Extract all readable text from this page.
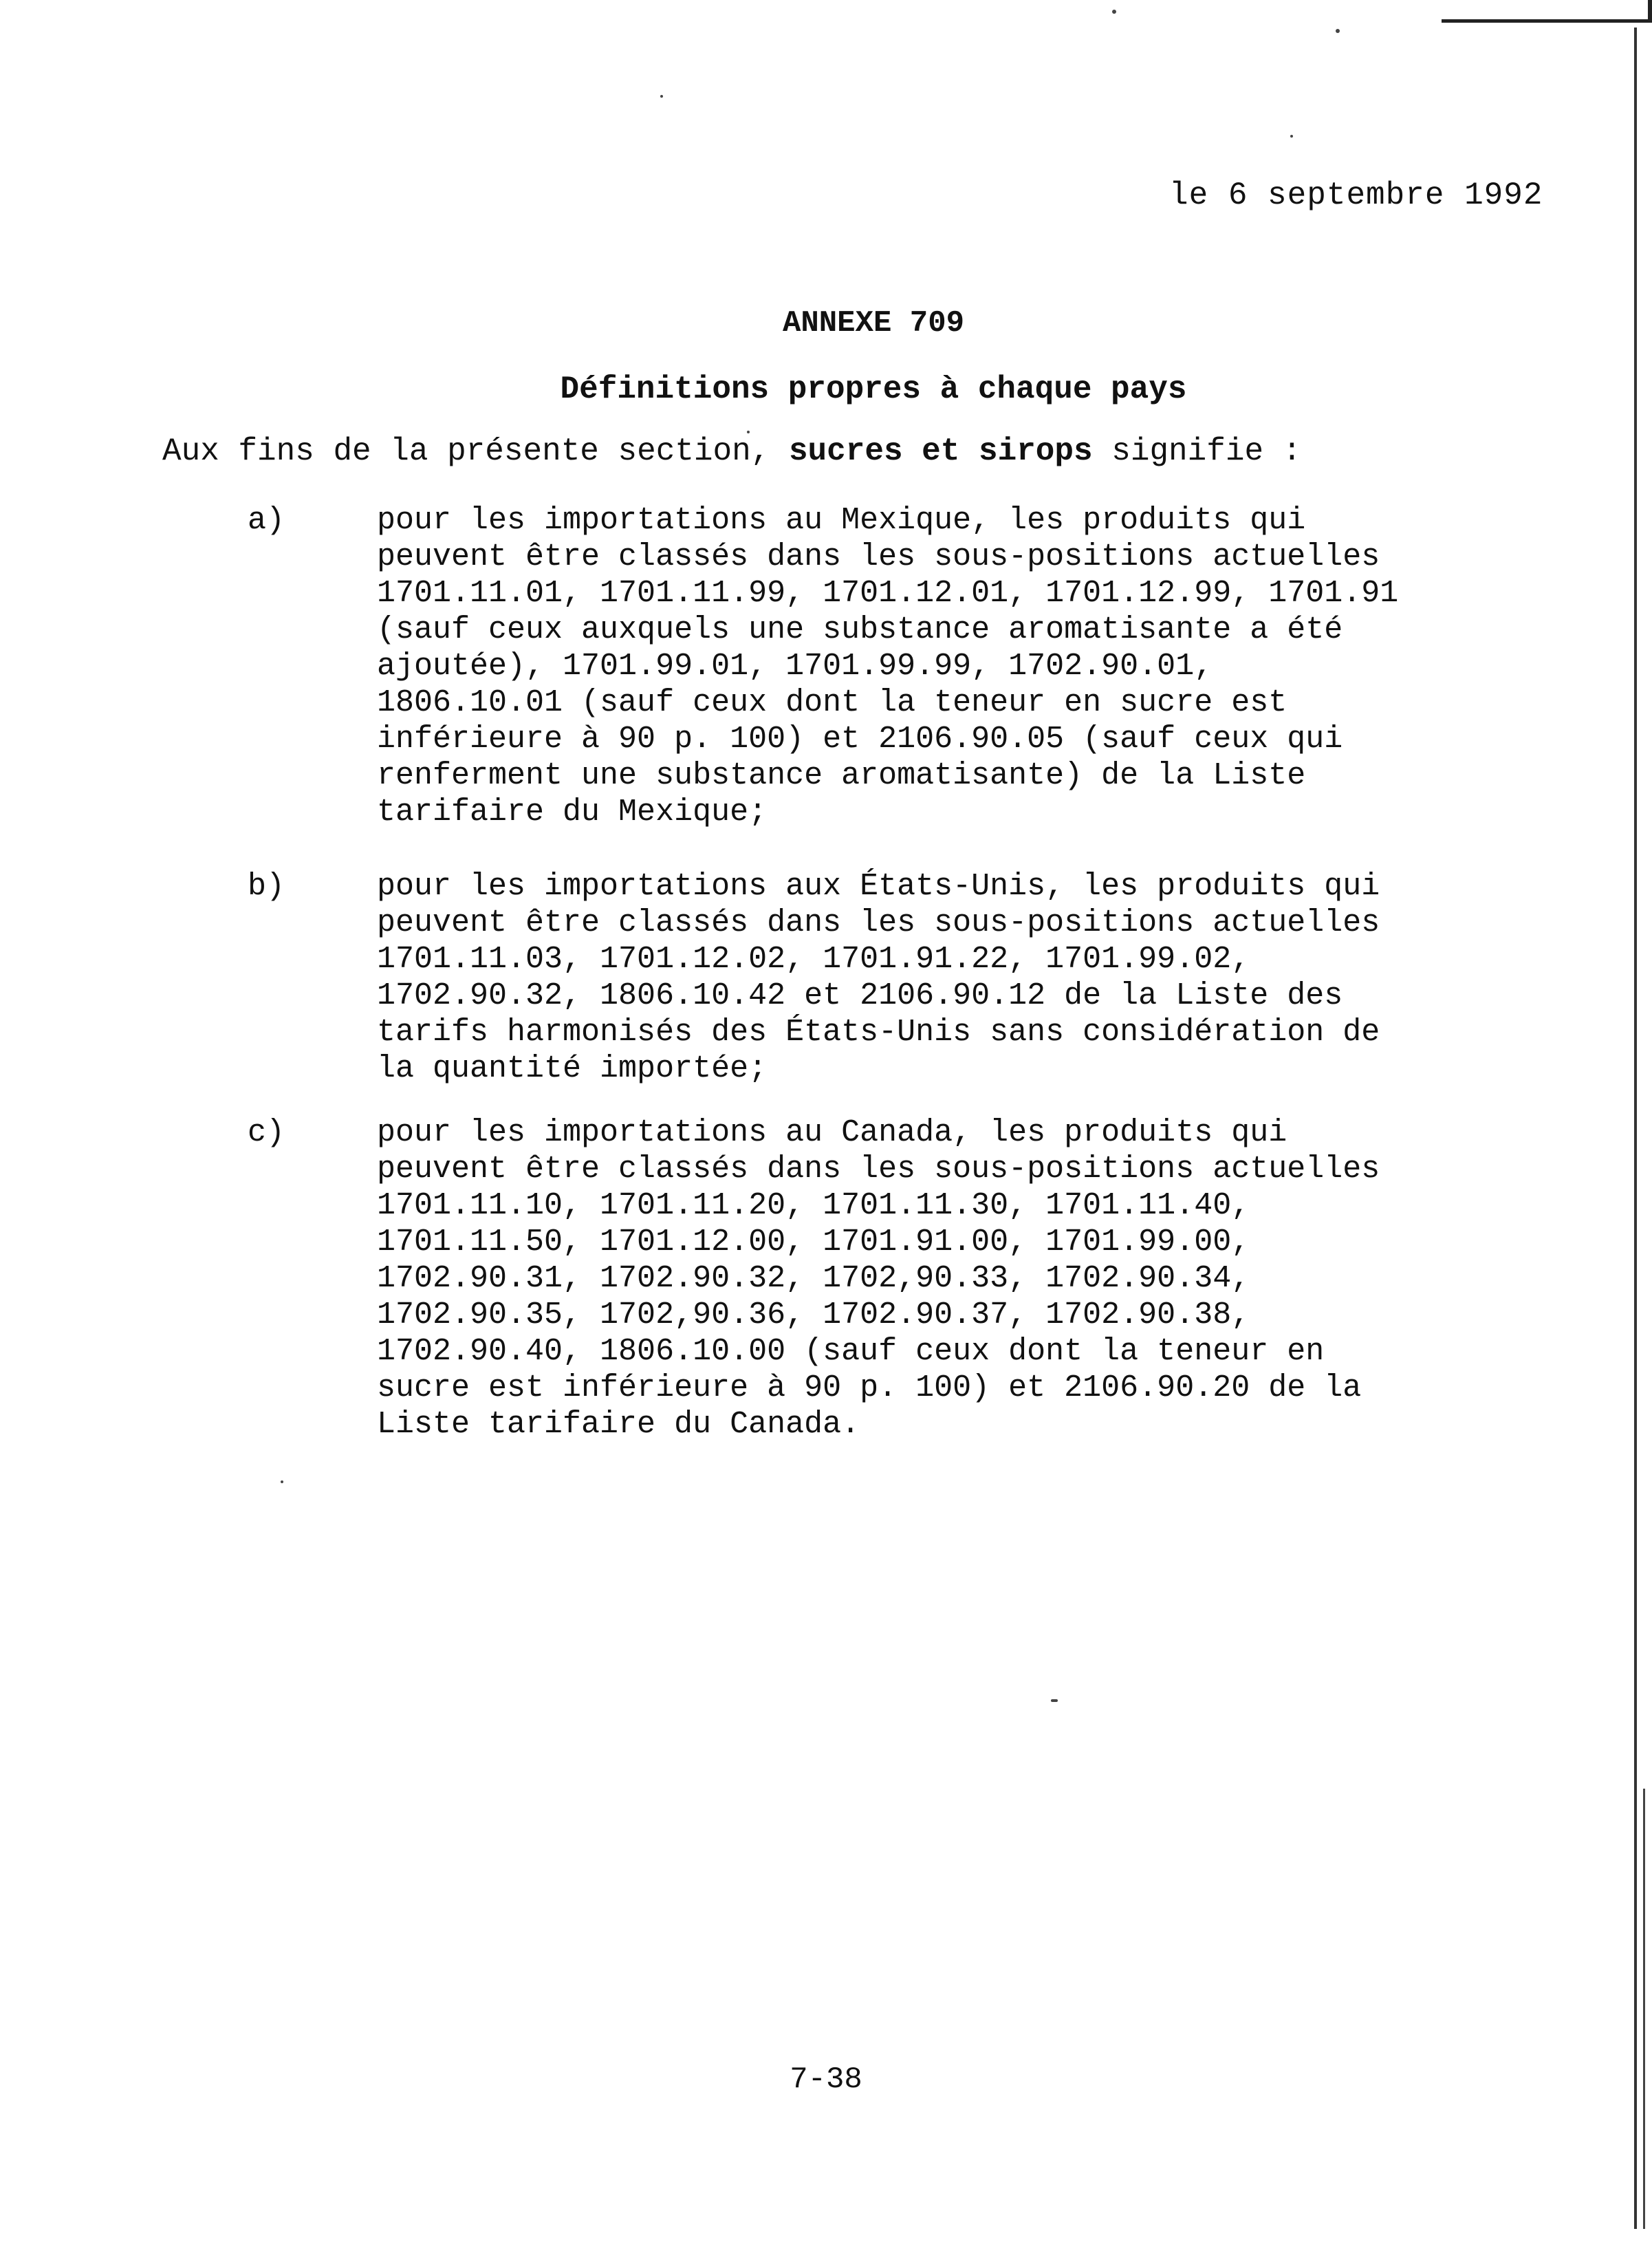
le 6 septembre 1992
ANNEXE 709
Définitions propres à chaque pays
Aux fins de la présente section, sucres et sirops signifie :
a)	pour les importations au Mexique, les produits qui
peuvent être classés dans les sous-positions actuelles
1701.11.01, 1701.11.99, 1701.12.01, 1701.12.99, 1701.91
(sauf ceux auxquels une substance aromatisante a été
ajoutée), 1701.99.01, 1701.99.99, 1702.90.01,
1806.10.01 (sauf ceux dont la teneur en sucre est
inférieure à 90 p. 100) et 2106.90.05 (sauf ceux qui
renferment une substance aromatisante) de la Liste
tarifaire du Mexique;
b)	pour les importations aux États-Unis, les produits qui
peuvent être classés dans les sous-positions actuelles
1701.11.03, 1701.12.02, 1701.91.22, 1701.99.02,
1702.90.32, 1806.10.42 et 2106.90.12 de la Liste des
tarifs harmonisés des États-Unis sans considération de
la quantité importée;
c)	pour les importations au Canada, les produits qui
peuvent être classés dans les sous-positions actuelles
1701.11.10, 1701.11.20, 1701.11.30, 1701.11.40,
1701.11.50, 1701.12.00, 1701.91.00, 1701.99.00,
1702.90.31, 1702.90.32, 1702,90.33, 1702.90.34,
1702.90.35, 1702,90.36, 1702.90.37, 1702.90.38,
1702.90.40, 1806.10.00 (sauf ceux dont la teneur en
sucre est inférieure à 90 p. 100) et 2106.90.20 de la
Liste tarifaire du Canada.
7-38
